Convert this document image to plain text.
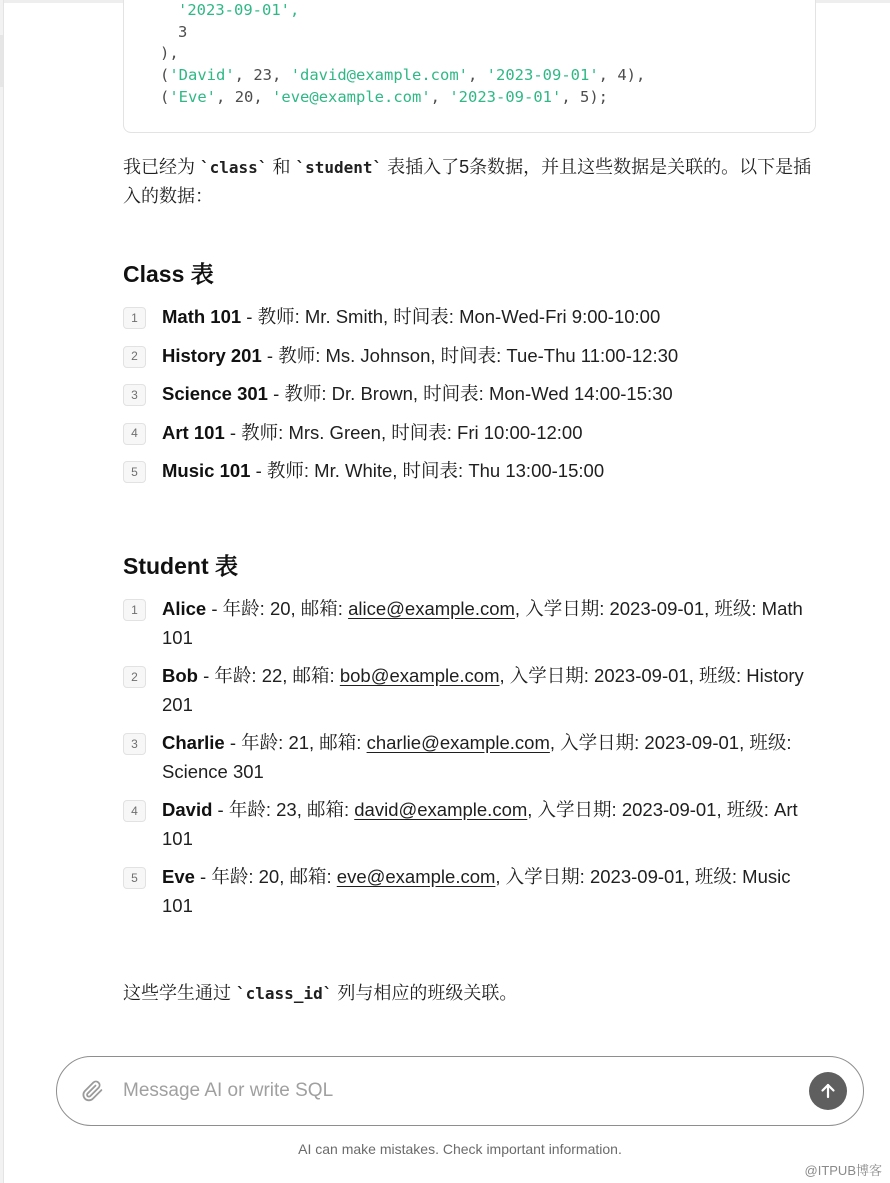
'2023-09-01',
3
),
('David', 23, 'david@example.com', '2023-09-01', 4),
('Eve', 20, 'eve@example.com', '2023-09-01', 5);

我已经为 `class` 和 `student` 表插入了5条数据，并且这些数据是关联的。以下是插入的数据：

Class 表
1	Math 101 - 教师: Mr. Smith, 时间表: Mon-Wed-Fri 9:00-10:00
2	History 201 - 教师: Ms. Johnson, 时间表: Tue-Thu 11:00-12:30
3	Science 301 - 教师: Dr. Brown, 时间表: Mon-Wed 14:00-15:30
4	Art 101 - 教师: Mrs. Green, 时间表: Fri 10:00-12:00
5	Music 101 - 教师: Mr. White, 时间表: Thu 13:00-15:00
Student 表
1	Alice - 年龄: 20, 邮箱: alice@example.com, 入学日期: 2023-09-01, 班级: Math 101
2	Bob - 年龄: 22, 邮箱: bob@example.com, 入学日期: 2023-09-01, 班级: History 201
3	Charlie - 年龄: 21, 邮箱: charlie@example.com, 入学日期: 2023-09-01, 班级: Science 301
4	David - 年龄: 23, 邮箱: david@example.com, 入学日期: 2023-09-01, 班级: Art 101
5	Eve - 年龄: 20, 邮箱: eve@example.com, 入学日期: 2023-09-01, 班级: Music 101

这些学生通过 `class_id` 列与相应的班级关联。

Message AI or write SQL
AI can make mistakes. Check important information.
@ITPUB博客
